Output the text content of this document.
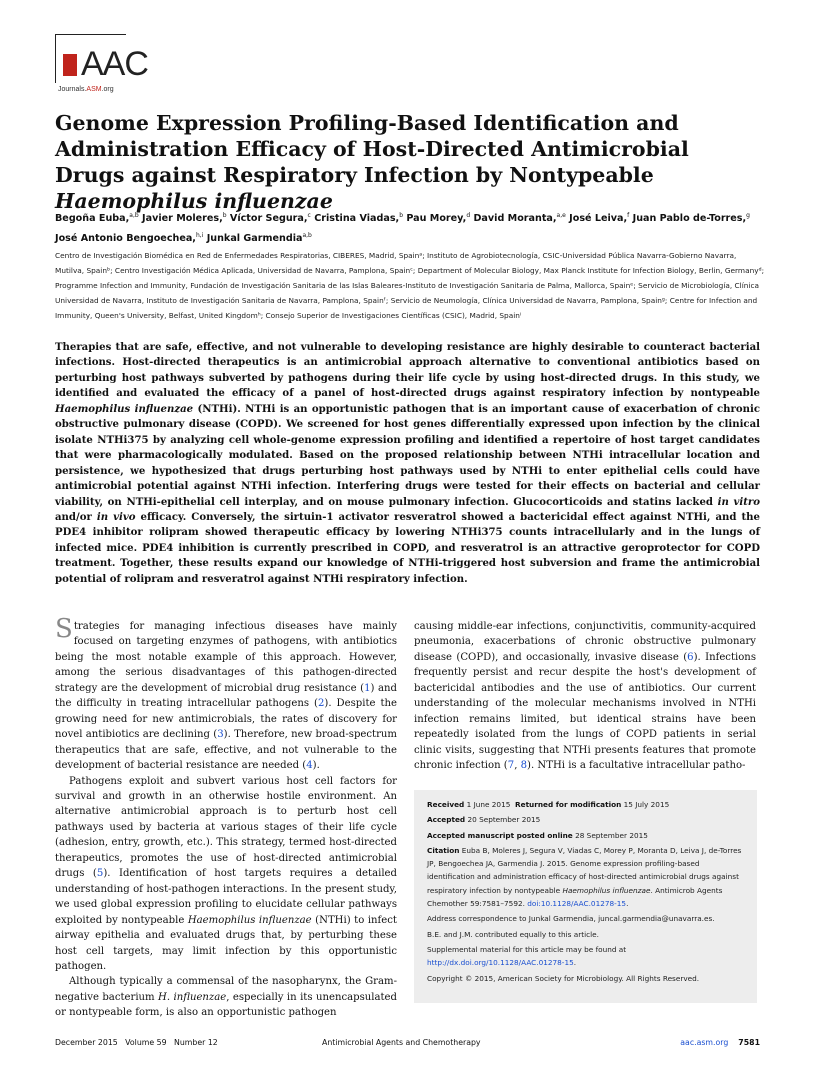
AAC
Journals.ASM.org
Genome Expression Profiling-Based Identification and Administration Efficacy of Host-Directed Antimicrobial Drugs against Respiratory Infection by Nontypeable Haemophilus influenzae
Begoña Euba,$^{a,b}$ Javier Moleres,$^b$ Víctor Segura,$^c$ Cristina Viadas,$^b$ Pau Morey,$^d$ David Moranta,$^{a,e}$ José Leiva,$^f$ Juan Pablo de-Torres,$^g$ José Antonio Bengoechea,$^{h,i}$ Junkal Garmendia$^{a,b}$
Centro de Investigación Biomédica en Red de Enfermedades Respiratorias, CIBERES, Madrid, Spainᵃ; Instituto de Agrobiotecnología, CSIC-Universidad Pública Navarra-Gobierno Navarra, Mutilva, Spainᵇ; Centro Investigación Médica Aplicada, Universidad de Navarra, Pamplona, Spainᶜ; Department of Molecular Biology, Max Planck Institute for Infection Biology, Berlin, Germanyᵈ; Programme Infection and Immunity, Fundación de Investigación Sanitaria de las Islas Baleares-Instituto de Investigación Sanitaria de Palma, Mallorca, Spainᵉ; Servicio de Microbiología, Clínica Universidad de Navarra, Instituto de Investigación Sanitaria de Navarra, Pamplona, Spainᶠ; Servicio de Neumología, Clínica Universidad de Navarra, Pamplona, Spainᵍ; Centre for Infection and Immunity, Queen's University, Belfast, United Kingdomʰ; Consejo Superior de Investigaciones Científicas (CSIC), Madrid, Spainⁱ
Therapies that are safe, effective, and not vulnerable to developing resistance are highly desirable to counteract bacterial infections. Host-directed therapeutics is an antimicrobial approach alternative to conventional antibiotics based on perturbing host pathways subverted by pathogens during their life cycle by using host-directed drugs. In this study, we identified and evaluated the efficacy of a panel of host-directed drugs against respiratory infection by nontypeable Haemophilus influenzae (NTHi). NTHi is an opportunistic pathogen that is an important cause of exacerbation of chronic obstructive pulmonary disease (COPD). We screened for host genes differentially expressed upon infection by the clinical isolate NTHi375 by analyzing cell whole-genome expression profiling and identified a repertoire of host target candidates that were pharmacologically modulated. Based on the proposed relationship between NTHi intracellular location and persistence, we hypothesized that drugs perturbing host pathways used by NTHi to enter epithelial cells could have antimicrobial potential against NTHi infection. Interfering drugs were tested for their effects on bacterial and cellular viability, on NTHi-epithelial cell interplay, and on mouse pulmonary infection. Glucocorticoids and statins lacked in vitro and/or in vivo efficacy. Conversely, the sirtuin-1 activator resveratrol showed a bactericidal effect against NTHi, and the PDE4 inhibitor rolipram showed therapeutic efficacy by lowering NTHi375 counts intracellularly and in the lungs of infected mice. PDE4 inhibition is currently prescribed in COPD, and resveratrol is an attractive geroprotector for COPD treatment. Together, these results expand our knowledge of NTHi-triggered host subversion and frame the antimicrobial potential of rolipram and resveratrol against NTHi respiratory infection.

Strategies for managing infectious diseases have mainly focused on targeting enzymes of pathogens, with antibiotics being the most notable example of this approach. However, among the serious disadvantages of this pathogen-directed strategy are the development of microbial drug resistance (1) and the difficulty in treating intracellular pathogens (2). Despite the growing need for new antimicrobials, the rates of discovery for novel antibiotics are declining (3). Therefore, new broad-spectrum therapeutics that are safe, effective, and not vulnerable to the development of bacterial resistance are needed (4).

Pathogens exploit and subvert various host cell factors for survival and growth in an otherwise hostile environment. An alternative antimicrobial approach is to perturb host cell pathways used by bacteria at various stages of their life cycle (adhesion, entry, growth, etc.). This strategy, termed host-directed therapeutics, promotes the use of host-directed antimicrobial drugs (5). Identification of host targets requires a detailed understanding of host-pathogen interactions. In the present study, we used global expression profiling to elucidate cellular pathways exploited by nontypeable Haemophilus influenzae (NTHi) to infect airway epithelia and evaluated drugs that, by perturbing these host cell targets, may limit infection by this opportunistic pathogen.

Although typically a commensal of the nasopharynx, the Gram-negative bacterium H. influenzae, especially in its unencapsulated or nontypeable form, is also an opportunistic pathogen

causing middle-ear infections, conjunctivitis, community-acquired pneumonia, exacerbations of chronic obstructive pulmonary disease (COPD), and occasionally, invasive disease (6). Infections frequently persist and recur despite the host's development of bactericidal antibodies and the use of antibiotics. Our current understanding of the molecular mechanisms involved in NTHi infection remains limited, but identical strains have been repeatedly isolated from the lungs of COPD patients in serial clinic visits, suggesting that NTHi presents features that promote chronic infection (7, 8). NTHi is a facultative intracellular patho-

Received 1 June 2015 Returned for modification 15 July 2015

Accepted 20 September 2015

Accepted manuscript posted online 28 September 2015

Citation Euba B, Moleres J, Segura V, Viadas C, Morey P, Moranta D, Leiva J, de-Torres JP, Bengoechea JA, Garmendia J. 2015. Genome expression profiling-based identification and administration efficacy of host-directed antimicrobial drugs against respiratory infection by nontypeable Haemophilus influenzae. Antimicrob Agents Chemother 59:7581–7592. doi:10.1128/AAC.01278-15.

Address correspondence to Junkal Garmendia, juncal.garmendia@unavarra.es.

B.E. and J.M. contributed equally to this article.

Supplemental material for this article may be found at http://dx.doi.org/10.1128/AAC.01278-15.

Copyright © 2015, American Society for Microbiology. All Rights Reserved.

December 2015   Volume 59   Number 12	Antimicrobial Agents and Chemotherapy	aac.asm.org 7581
